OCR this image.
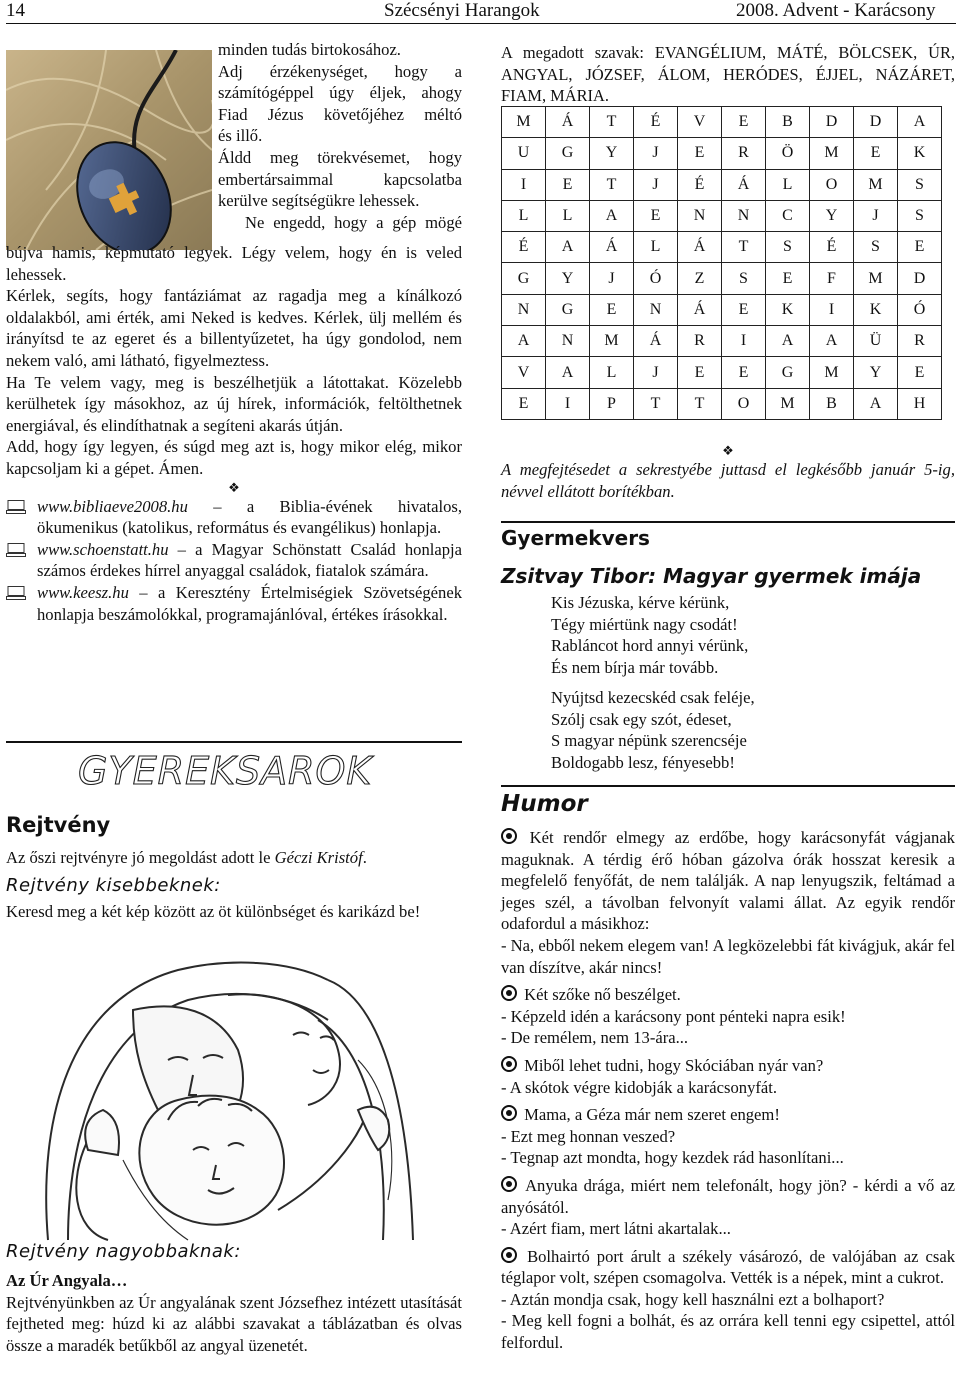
14	Szécsényi Harangok	2008. Advent - Karácsony
minden tudás birtokosához.
Adj érzékenységet, hogy a
számítógéppel úgy éljek, ahogy
Fiad Jézus követőjéhez méltó
és illő.
Áldd meg törekvésemet, hogy
embertársaimmal kapcsolatba
kerülve segítségükre lehessek.
Ne engedd, hogy a gép mögé

bújva hamis, képmutató legyek. Légy velem, hogy én is veled lehessek.

Kérlek, segíts, hogy fantáziámat az ragadja meg a kínálkozó oldalakból, ami érték, ami Neked is kedves. Kérlek, ülj mellém és irányítsd te az egeret és a billentyűzetet, ha úgy gondolod, nem nekem való, ami látható, figyelmeztess.

Ha Te velem vagy, meg is beszélhetjük a látottakat. Közelebb kerülhetek így másokhoz, az új hírek, információk, feltölthetnek energiával, és elindíthatnak a segíteni akarás útján.

Add, hogy így legyen, és súgd meg azt is, hogy mikor elég, mikor kapcsoljam ki a gépet. Ámen.

❖
www.bibliaeve2008.hu – a Biblia-évének hivatalos, ökumenikus (katolikus, református és evangélikus) honlapja.
www.schoenstatt.hu – a Magyar Schönstatt Család honlapja számos érdekes hírrel anyaggal családok, fiatalok számára.
www.keesz.hu – a Keresztény Értelmiségiek Szövetségének honlapja beszámolókkal, programajánlóval, értékes írásokkal.
GYEREKSAROK
Rejtvény
Az őszi rejtvényre jó megoldást adott le Géczi Kristóf.
Rejtvény kisebbeknek:
Keresd meg a két kép között az öt különbséget és karikázd be!
Rejtvény nagyobbaknak:
Az Úr Angyala…

Rejtvényünkben az Úr angyalának szent Józsefhez intézett utasítását fejtheted meg: húzd ki az alábbi szavakat a táblázatban és olvas össze a maradék betűkből az angyal üzenetét.

A megadott szavak: EVANGÉLIUM, MÁTÉ, BÖLCSEK, ÚR, ANGYAL, JÓZSEF, ÁLOM, HERÓDES, ÉJJEL, NÁZÁRET, FIAM, MÁRIA.

M	Á	T	É	V	E	B	D	D	A
U	G	Y	J	E	R	Ö	M	E	K
I	E	T	J	É	Á	L	O	M	S
L	L	A	E	N	N	C	Y	J	S
É	A	Á	L	Á	T	S	É	S	E
G	Y	J	Ó	Z	S	E	F	M	D
N	G	E	N	Á	E	K	I	K	Ó
A	N	M	Á	R	I	A	A	Ü	R
V	A	L	J	E	E	G	M	Y	E
E	I	P	T	T	O	M	B	A	H
❖

A megfejtésedet a sekrestyébe juttasd el legkésőbb január 5-ig, névvel ellátott borítékban.

Gyermekvers
Zsitvay Tibor: Magyar gyermek imája
Kis Jézuska, kérve kérünk,
Tégy miértünk nagy csodát!
Rabláncot hord annyi vérünk,
És nem bírja már tovább.
Nyújtsd kezecskéd csak feléje,
Szólj csak egy szót, édeset,
S magyar népünk szerencséje
Boldogabb lesz, fényesebb!
Humor

Két rendőr elmegy az erdőbe, hogy karácsonyfát vágjanak maguknak. A térdig érő hóban gázolva órák hosszat keresik a megfelelő fenyőfát, de nem találják. A nap lenyugszik, feltámad a jeges szél, a távolban felvonyít valami állat. Az egyik rendőr odafordul a másikhoz:

- Na, ebből nekem elegem van! A legközelebbi fát kivágjuk, akár fel van díszítve, akár nincs!

Két szőke nő beszélget.

- Képzeld idén a karácsony pont pénteki napra esik!

- De remélem, nem 13-ára...

Miből lehet tudni, hogy Skóciában nyár van?

- A skótok végre kidobják a karácsonyfát.

Mama, a Géza már nem szeret engem!

- Ezt meg honnan veszed?

- Tegnap azt mondta, hogy kezdek rád hasonlítani...

Anyuka drága, miért nem telefonált, hogy jön? - kérdi a vő az anyósától.

- Azért fiam, mert látni akartalak...

Bolhairtó port árult a székely vásározó, de valójában az csak téglapor volt, szépen csomagolva. Vették is a népek, mint a cukrot.

- Aztán mondja csak, hogy kell használni ezt a bolhaport?

- Meg kell fogni a bolhát, és az orrára kell tenni egy csipettel, attól felfordul.
